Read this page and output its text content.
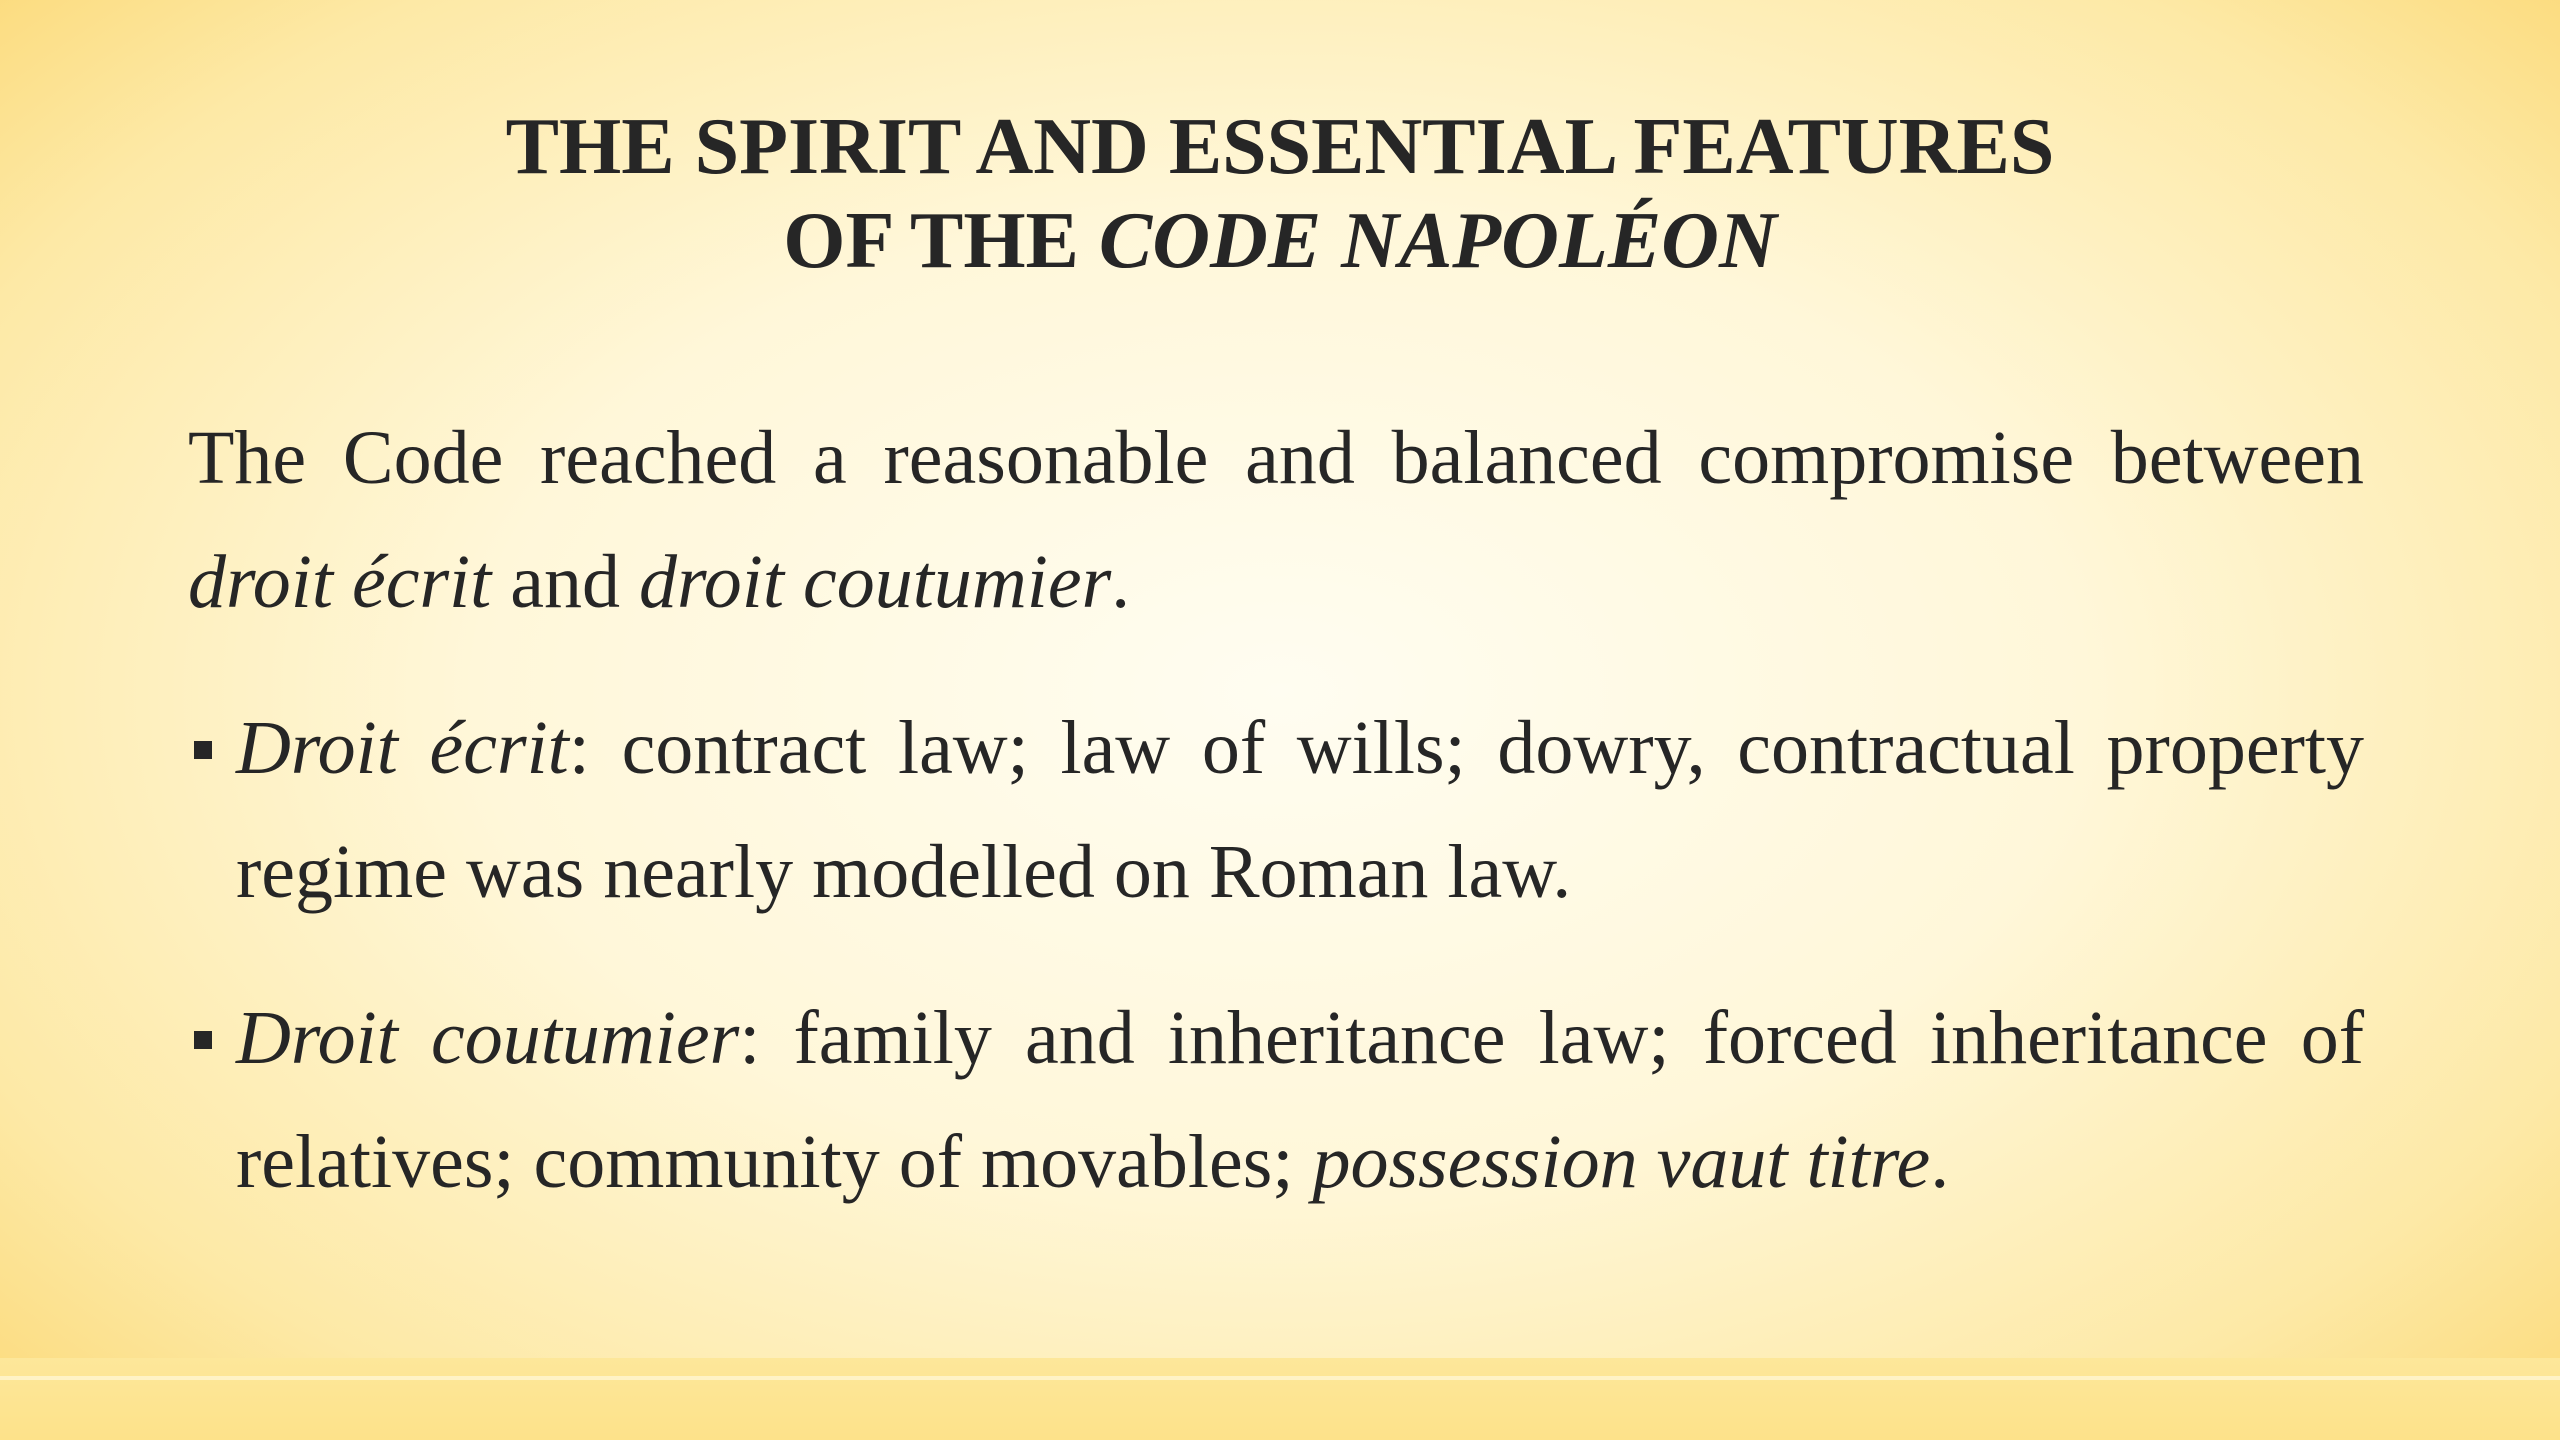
THE SPIRIT AND ESSENTIAL FEATURES
OF THE CODE NAPOLÉON

The Code reached a reasonable and balanced compromise between droit écrit and droit coutumier.

Droit écrit: contract law; law of wills; dowry, contractual property regime was nearly modelled on Roman law.

Droit coutumier: family and inheritance law; forced inheritance of relatives; community of movables; possession vaut titre.
